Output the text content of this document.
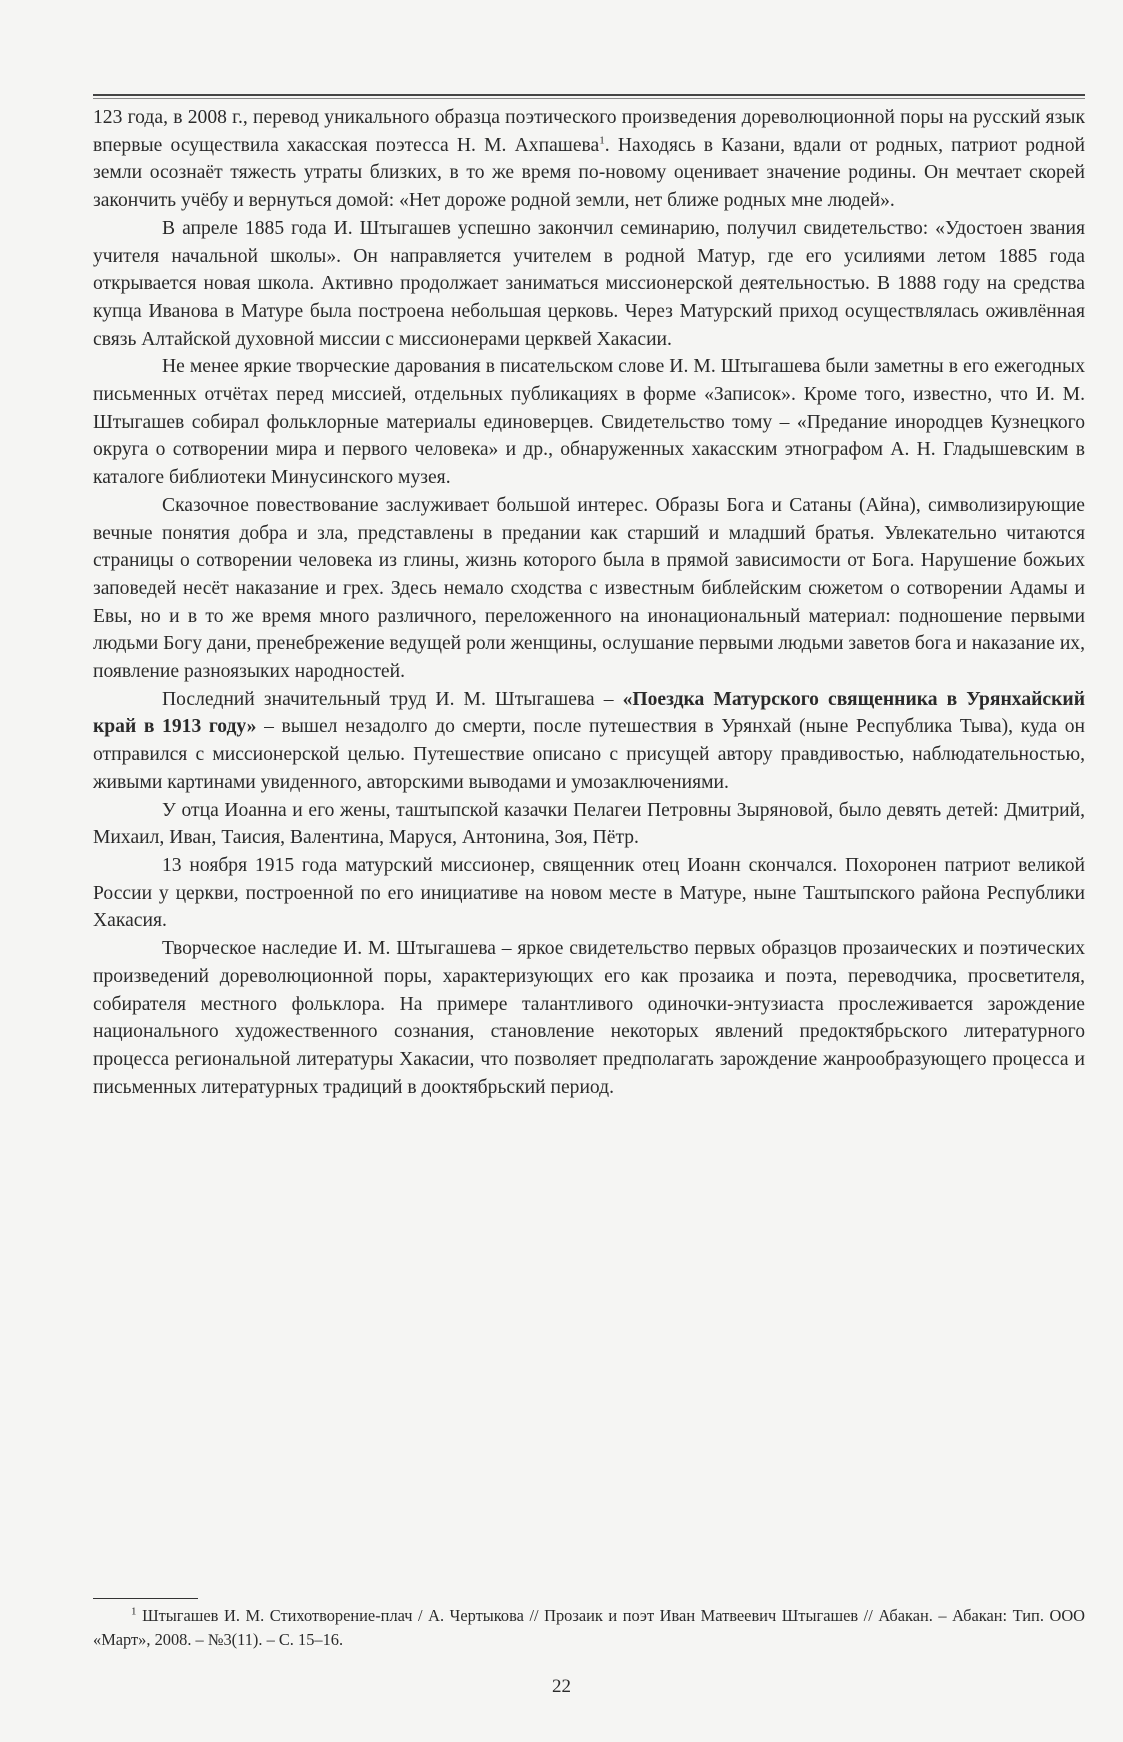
123 года, в 2008 г., перевод уникального образца поэтического произведения дореволюционной поры на русский язык впервые осуществила хакасская поэтесса Н. М. Ахпашева$^1$. Находясь в Казани, вдали от родных, патриот родной земли осознаёт тяжесть утраты близких, в то же время по-новому оценивает значение родины. Он мечтает скорей закончить учёбу и вернуться домой: «Нет дороже родной земли, нет ближе родных мне людей».

В апреле 1885 года И. Штыгашев успешно закончил семинарию, получил свидетельство: «Удостоен звания учителя начальной школы». Он направляется учителем в родной Матур, где его усилиями летом 1885 года открывается новая школа. Активно продолжает заниматься миссионерской деятельностью. В 1888 году на средства купца Иванова в Матуре была построена небольшая церковь. Через Матурский приход осуществлялась оживлённая связь Алтайской духовной миссии с миссионерами церквей Хакасии.

Не менее яркие творческие дарования в писательском слове И. М. Штыгашева были заметны в его ежегодных письменных отчётах перед миссией, отдельных публикациях в форме «Записок». Кроме того, известно, что И. М. Штыгашев собирал фольклорные материалы единоверцев. Свидетельство тому – «Предание инородцев Кузнецкого округа о сотворении мира и первого человека» и др., обнаруженных хакасским этнографом А. Н. Гладышевским в каталоге библиотеки Минусинского музея.

Сказочное повествование заслуживает большой интерес. Образы Бога и Сатаны (Айна), символизирующие вечные понятия добра и зла, представлены в предании как старший и младший братья. Увлекательно читаются страницы о сотворении человека из глины, жизнь которого была в прямой зависимости от Бога. Нарушение божьих заповедей несёт наказание и грех. Здесь немало сходства с известным библейским сюжетом о сотворении Адамы и Евы, но и в то же время много различного, переложенного на инонациональный материал: подношение первыми людьми Богу дани, пренебрежение ведущей роли женщины, ослушание первыми людьми заветов бога и наказание их, появление разноязыких народностей.

Последний значительный труд И. М. Штыгашева – «Поездка Матурского священника в Урянхайский край в 1913 году» – вышел незадолго до смерти, после путешествия в Урянхай (ныне Республика Тыва), куда он отправился с миссионерской целью. Путешествие описано с присущей автору правдивостью, наблюдательностью, живыми картинами увиденного, авторскими выводами и умозаключениями.

У отца Иоанна и его жены, таштыпской казачки Пелагеи Петровны Зыряновой, было девять детей: Дмитрий, Михаил, Иван, Таисия, Валентина, Маруся, Антонина, Зоя, Пётр.

13 ноября 1915 года матурский миссионер, священник отец Иоанн скончался. Похоронен патриот великой России у церкви, построенной по его инициативе на новом месте в Матуре, ныне Таштыпского района Республики Хакасия.

Творческое наследие И. М. Штыгашева – яркое свидетельство первых образцов прозаических и поэтических произведений дореволюционной поры, характеризующих его как прозаика и поэта, переводчика, просветителя, собирателя местного фольклора. На примере талантливого одиночки-энтузиаста прослеживается зарождение национального художественного сознания, становление некоторых явлений предоктябрьского литературного процесса региональной литературы Хакасии, что позволяет предполагать зарождение жанрообразующего процесса и письменных литературных традиций в дооктябрьский период.

$^1$ Штыгашев И. М. Стихотворение-плач / А. Чертыкова // Прозаик и поэт Иван Матвеевич Штыгашев // Абакан. – Абакан: Тип. ООО «Март», 2008. – №3(11). – С. 15–16.

22
